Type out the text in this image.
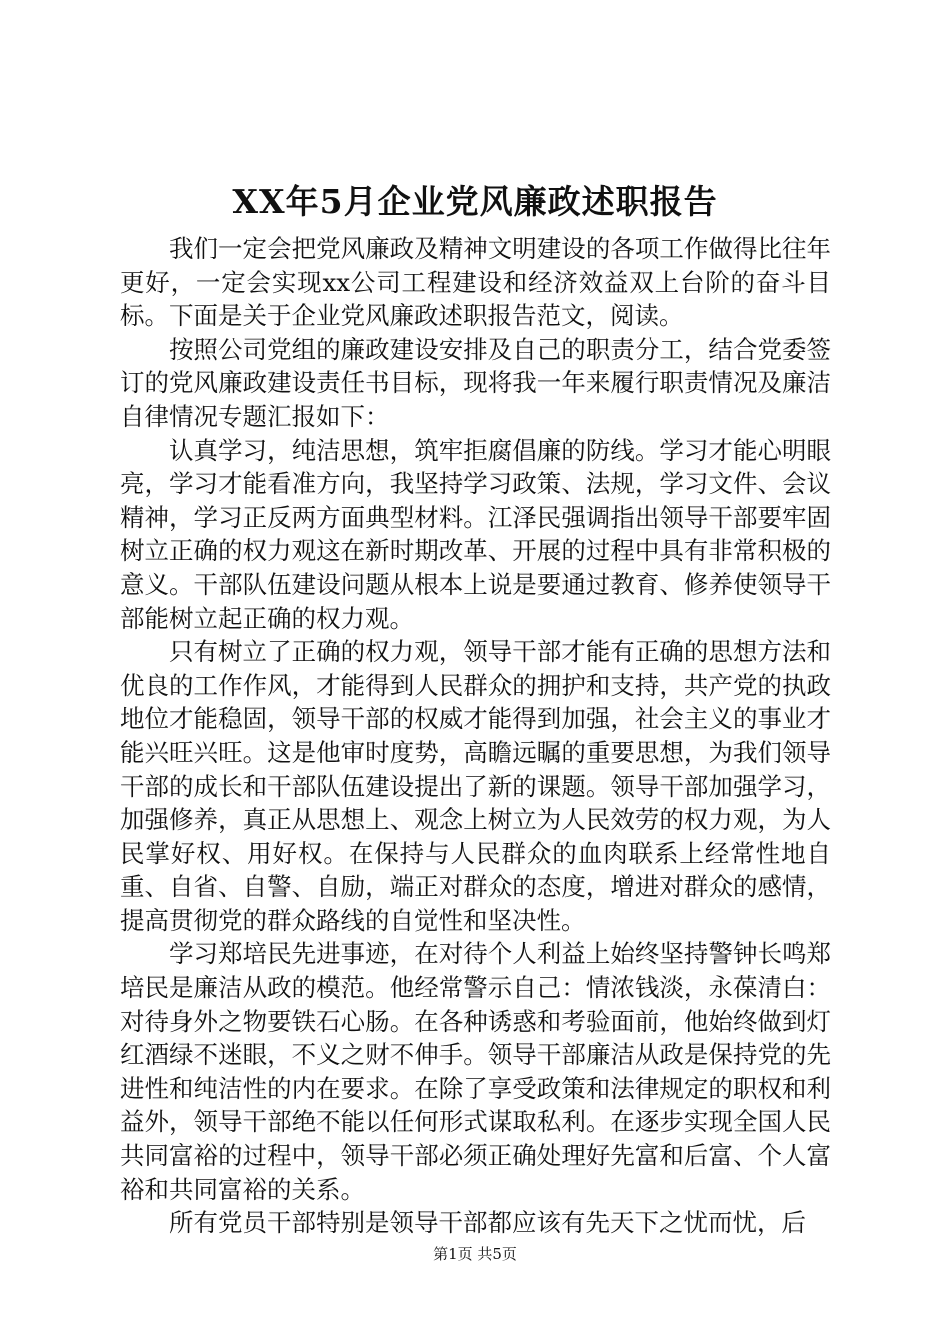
XX年5月企业党风廉政述职报告

我们一定会把党风廉政及精神文明建设的各项工作做得比往年更好，一定会实现xx公司工程建设和经济效益双上台阶的奋斗目标。下面是关于企业党风廉政述职报告范文，阅读。

按照公司党组的廉政建设安排及自己的职责分工，结合党委签订的党风廉政建设责任书目标，现将我一年来履行职责情况及廉洁自律情况专题汇报如下：

认真学习，纯洁思想，筑牢拒腐倡廉的防线。学习才能心明眼亮，学习才能看准方向，我坚持学习政策、法规，学习文件、会议精神，学习正反两方面典型材料。江泽民强调指出领导干部要牢固树立正确的权力观这在新时期改革、开展的过程中具有非常积极的意义。干部队伍建设问题从根本上说是要通过教育、修养使领导干部能树立起正确的权力观。

只有树立了正确的权力观，领导干部才能有正确的思想方法和优良的工作作风，才能得到人民群众的拥护和支持，共产党的执政地位才能稳固，领导干部的权威才能得到加强，社会主义的事业才能兴旺兴旺。这是他审时度势，高瞻远瞩的重要思想，为我们领导干部的成长和干部队伍建设提出了新的课题。领导干部加强学习，加强修养，真正从思想上、观念上树立为人民效劳的权力观，为人民掌好权、用好权。在保持与人民群众的血肉联系上经常性地自重、自省、自警、自励，端正对群众的态度，增进对群众的感情，提高贯彻党的群众路线的自觉性和坚决性。

学习郑培民先进事迹，在对待个人利益上始终坚持警钟长鸣郑培民是廉洁从政的模范。他经常警示自己：情浓钱淡，永葆清白：对待身外之物要铁石心肠。在各种诱惑和考验面前，他始终做到灯红酒绿不迷眼，不义之财不伸手。领导干部廉洁从政是保持党的先进性和纯洁性的内在要求。在除了享受政策和法律规定的职权和利益外，领导干部绝不能以任何形式谋取私利。在逐步实现全国人民共同富裕的过程中，领导干部必须正确处理好先富和后富、个人富裕和共同富裕的关系。

所有党员干部特别是领导干部都应该有先天下之忧而忧，后

第1页 共5页
